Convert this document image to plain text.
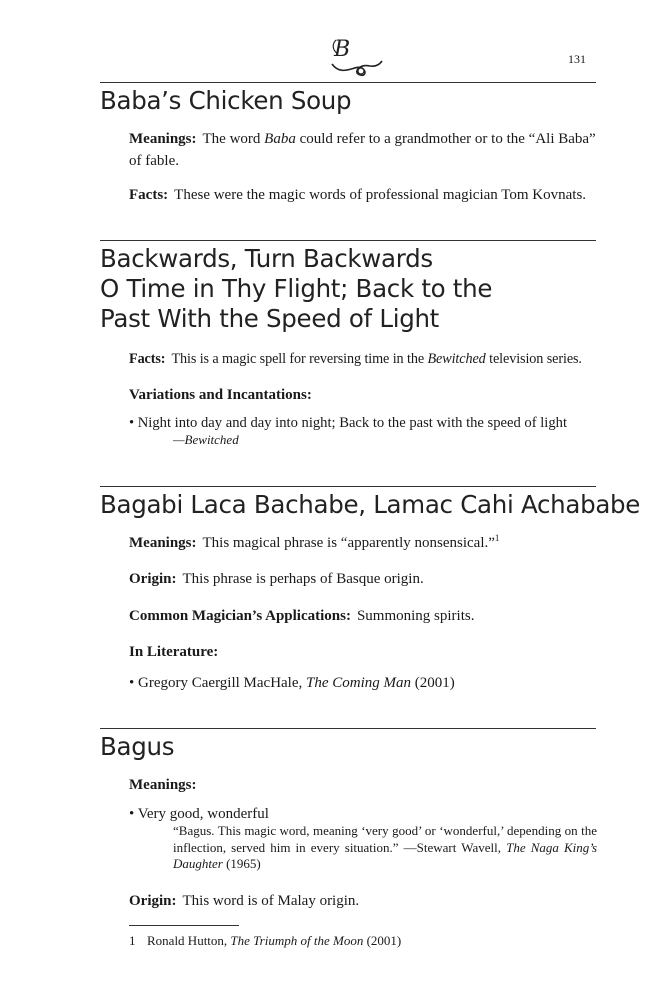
131
B
Baba’s Chicken Soup

Meanings: The word Baba could refer to a grandmother or to the “Ali Baba” of fable.

Facts: These were the magic words of professional magician Tom Kovnats.

Backwards, Turn Backwards
O Time in Thy Flight; Back to the
Past With the Speed of Light

Facts: This is a magic spell for reversing time in the Bewitched television series.

Variations and Incantations:

• Night into day and day into night; Back to the past with the speed of light

—Bewitched

Bagabi Laca Bachabe, Lamac Cahi Achababe

Meanings: This magical phrase is “apparently nonsensical.”$^1$

Origin: This phrase is perhaps of Basque origin.

Common Magician’s Applications: Summoning spirits.

In Literature:

• Gregory Caergill MacHale, The Coming Man (2001)

Bagus

Meanings:

• Very good, wonderful

“Bagus. This magic word, meaning ‘very good’ or ‘wonderful,’ depending on the inflection, served him in every situation.” —Stewart Wavell, The Naga King’s Daughter (1965)

Origin: This word is of Malay origin.

1 Ronald Hutton, The Triumph of the Moon (2001)
